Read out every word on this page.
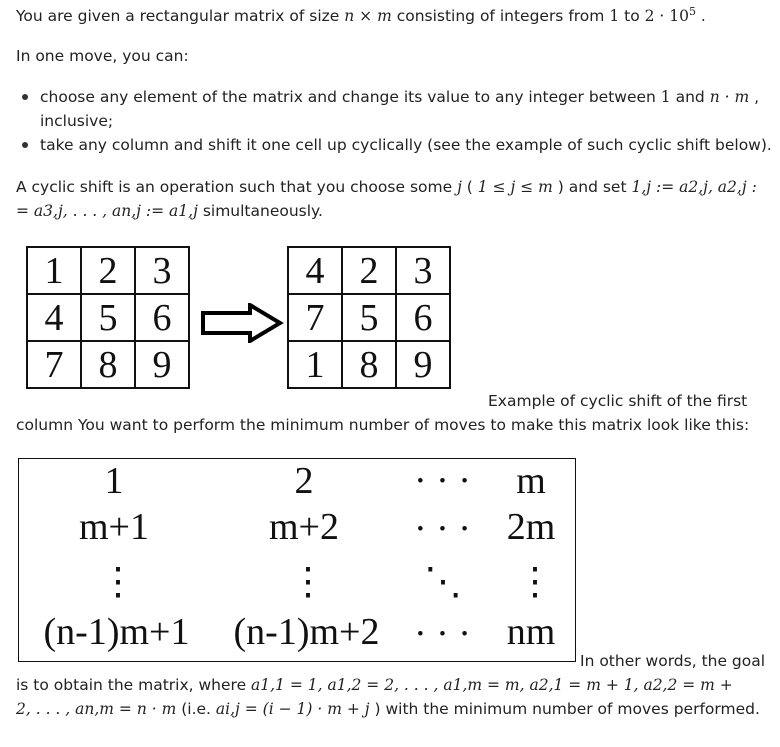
You are given a rectangular matrix of size n × m consisting of integers from 1 to $2 \cdot 10^5$ .
In one move, you can:
choose any element of the matrix and change its value to any integer between 1 and n · m ,
inclusive;
take any column and shift it one cell up cyclically (see the example of such cyclic shift below).
A cyclic shift is an operation such that you choose some j ( 1 ≤ j ≤ m ) and set 1,j := a2,j, a2,j :
= a3,j, . . . , an,j := a1,j simultaneously.
1	2	3
4	5	6
7	8	9
4	2	3
7	5	6
1	8	9
Example of cyclic shift of the first
column You want to perform the minimum number of moves to make this matrix look like this:
1	2	· · · m
m+1	m+2 · · · 2m
⋮	⋮	⋱ ⋮
(n-1)m+1	(n-1)m+2 · · · nm
In other words, the goal
is to obtain the matrix, where a1,1 = 1, a1,2 = 2, . . . , a1,m = m, a2,1 = m + 1, a2,2 = m +
2, . . . , an,m = n · m (i.e. ai,j = (i − 1) · m + j ) with the minimum number of moves performed.
